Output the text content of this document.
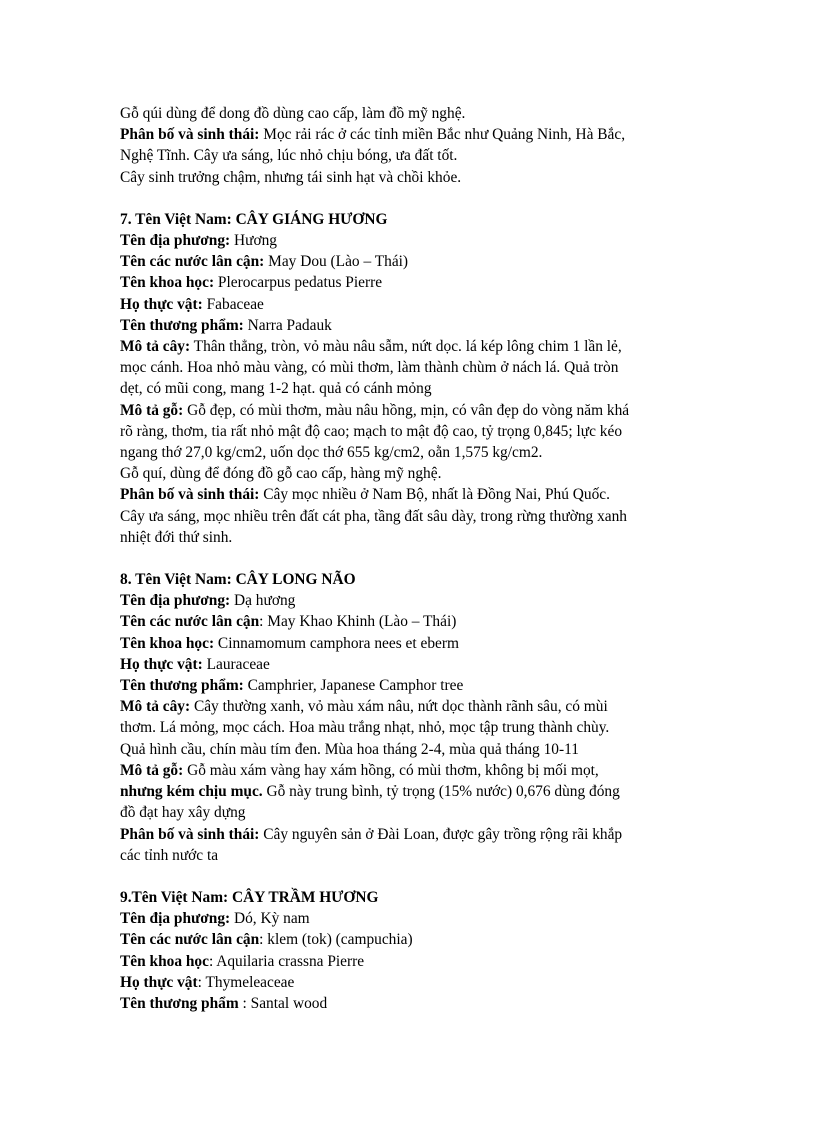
Gỗ qúi dùng để dong đồ dùng cao cấp, làm đồ mỹ nghệ.
Phân bố và sinh thái: Mọc rải rác ở các tỉnh miền Bắc như Quảng Ninh, Hà Bắc,
Nghệ Tĩnh. Cây ưa sáng, lúc nhỏ chịu bóng, ưa đất tốt.
Cây sinh trưởng chậm, nhưng tái sinh hạt và chồi khỏe.
7. Tên Việt Nam: CÂY GIÁNG HƯƠNG
Tên địa phương: Hương
Tên các nước lân cận: May Dou (Lào – Thái)
Tên khoa học: Plerocarpus pedatus Pierre
Họ thực vật: Fabaceae
Tên thương phẩm: Narra Padauk
Mô tả cây: Thân thẳng, tròn, vỏ màu nâu sẫm, nứt dọc. lá kép lông chim 1 lần lẻ,
mọc cánh. Hoa nhỏ màu vàng, có mùi thơm, làm thành chùm ở nách lá. Quả tròn
dẹt, có mũi cong, mang 1-2 hạt. quả có cánh mỏng
Mô tả gỗ: Gỗ đẹp, có mùi thơm, màu nâu hồng, mịn, có vân đẹp do vòng năm khá
rõ ràng, thơm, tia rất nhỏ mật độ cao; mạch to mật độ cao, tỷ trọng 0,845; lực kéo
ngang thớ 27,0 kg/cm2, uốn dọc thớ 655 kg/cm2, oằn 1,575 kg/cm2.
Gỗ quí, dùng để đóng đồ gỗ cao cấp, hàng mỹ nghệ.
Phân bố và sinh thái: Cây mọc nhiều ở Nam Bộ, nhất là Đồng Nai, Phú Quốc.
Cây ưa sáng, mọc nhiều trên đất cát pha, tầng đất sâu dày, trong rừng thường xanh
nhiệt đới thứ sinh.
8. Tên Việt Nam: CÂY LONG NÃO
Tên địa phương: Dạ hương
Tên các nước lân cận: May Khao Khinh (Lào – Thái)
Tên khoa học: Cinnamomum camphora nees et eberm
Họ thực vật: Lauraceae
Tên thương phẩm: Camphrier, Japanese Camphor tree
Mô tả cây: Cây thường xanh, vỏ màu xám nâu, nứt dọc thành rãnh sâu, có mùi
thơm. Lá mỏng, mọc cách. Hoa màu trắng nhạt, nhỏ, mọc tập trung thành chùy.
Quả hình cầu, chín màu tím đen. Mùa hoa tháng 2-4, mùa quả tháng 10-11
Mô tả gỗ: Gỗ màu xám vàng hay xám hồng, có mùi thơm, không bị mối mọt,
nhưng kém chịu mục. Gỗ này trung bình, tỷ trọng (15% nước) 0,676 dùng đóng
đồ đạt hay xây dựng
Phân bố và sinh thái: Cây nguyên sản ở Đài Loan, được gây trồng rộng rãi khắp
các tỉnh nước ta
9.Tên Việt Nam: CÂY TRẦM HƯƠNG
Tên địa phương: Dó, Kỳ nam
Tên các nước lân cận: klem (tok) (campuchia)
Tên khoa học: Aquilaria crassna Pierre
Họ thực vật: Thymeleaceae
Tên thương phẩm : Santal wood
